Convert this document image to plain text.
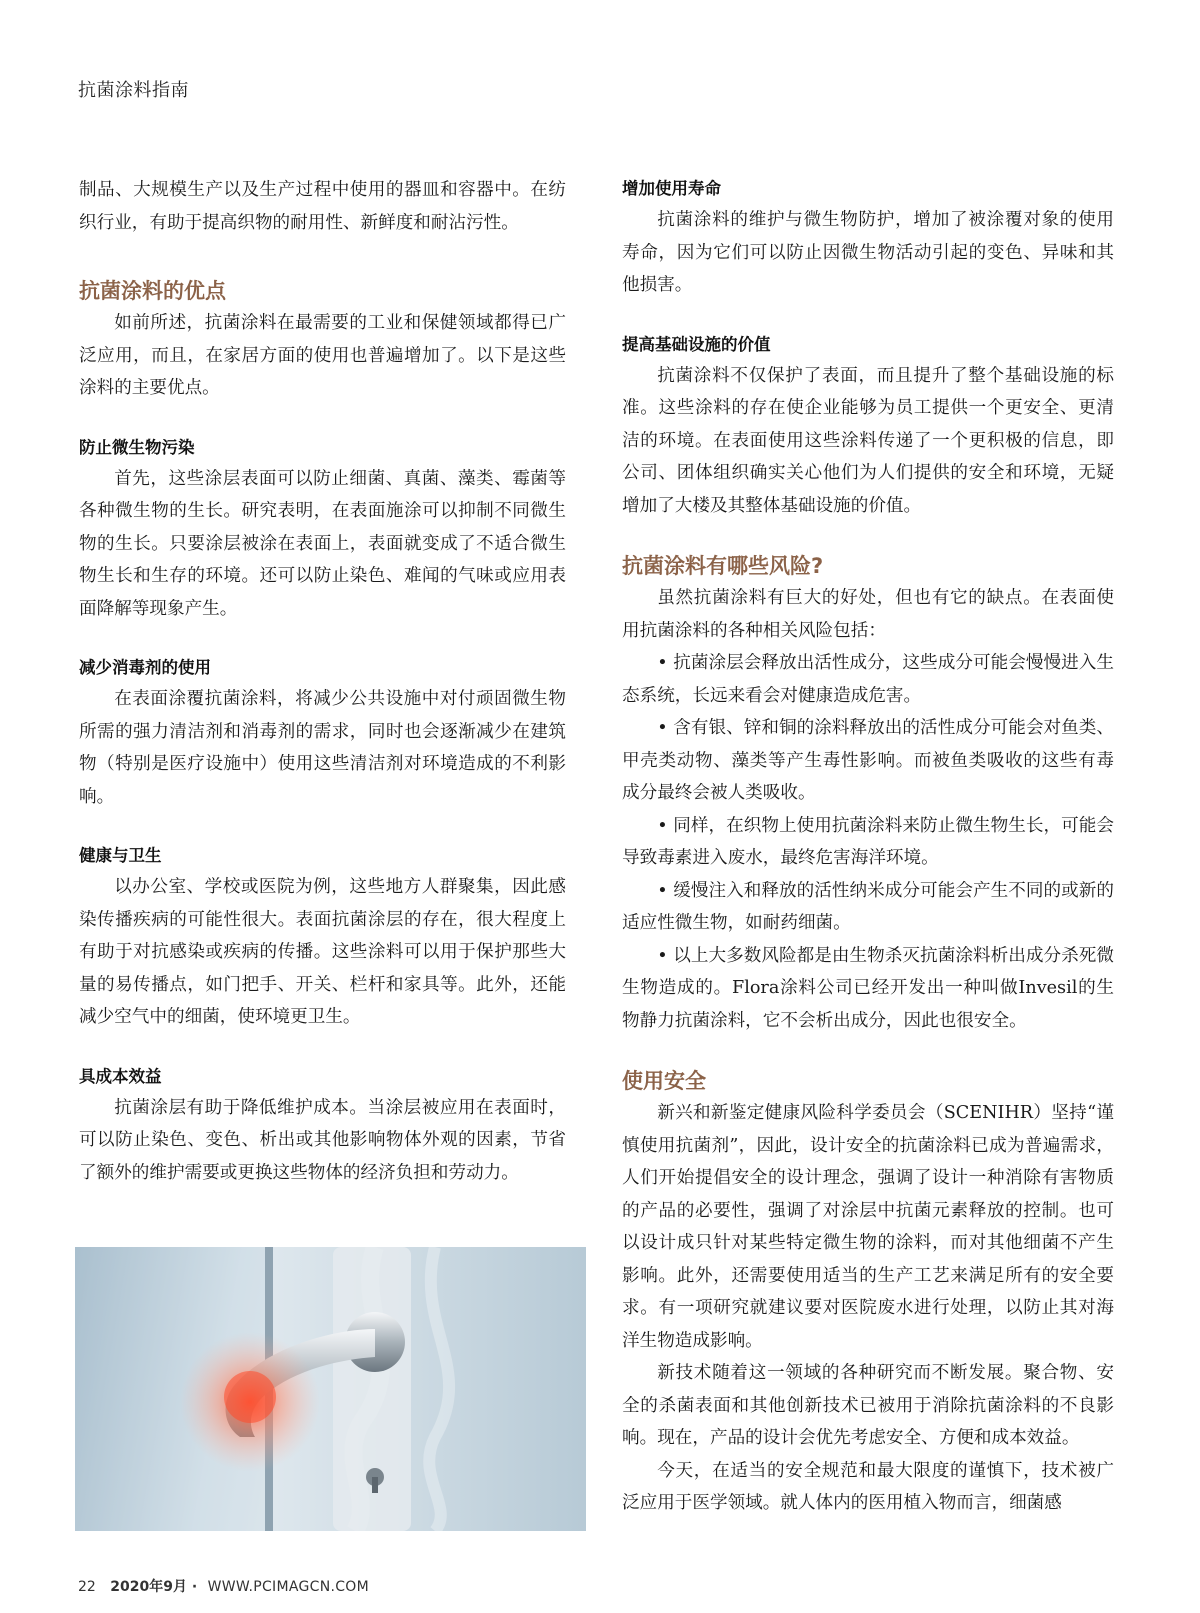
抗菌涂料指南

制品、大规模生产以及生产过程中使用的器皿和容器中。在纺织行业，有助于提高织物的耐用性、新鲜度和耐沾污性。

抗菌涂料的优点

如前所述，抗菌涂料在最需要的工业和保健领域都得已广泛应用，而且，在家居方面的使用也普遍增加了。以下是这些涂料的主要优点。

防止微生物污染

首先，这些涂层表面可以防止细菌、真菌、藻类、霉菌等各种微生物的生长。研究表明，在表面施涂可以抑制不同微生物的生长。只要涂层被涂在表面上，表面就变成了不适合微生物生长和生存的环境。还可以防止染色、难闻的气味或应用表面降解等现象产生。

减少消毒剂的使用

在表面涂覆抗菌涂料，将减少公共设施中对付顽固微生物所需的强力清洁剂和消毒剂的需求，同时也会逐渐减少在建筑物（特别是医疗设施中）使用这些清洁剂对环境造成的不利影响。

健康与卫生

以办公室、学校或医院为例，这些地方人群聚集，因此感染传播疾病的可能性很大。表面抗菌涂层的存在，很大程度上有助于对抗感染或疾病的传播。这些涂料可以用于保护那些大量的易传播点，如门把手、开关、栏杆和家具等。此外，还能减少空气中的细菌，使环境更卫生。

具成本效益

抗菌涂层有助于降低维护成本。当涂层被应用在表面时，可以防止染色、变色、析出或其他影响物体外观的因素，节省了额外的维护需要或更换这些物体的经济负担和劳动力。

增加使用寿命

抗菌涂料的维护与微生物防护，增加了被涂覆对象的使用寿命，因为它们可以防止因微生物活动引起的变色、异味和其他损害。

提高基础设施的价值

抗菌涂料不仅保护了表面，而且提升了整个基础设施的标准。这些涂料的存在使企业能够为员工提供一个更安全、更清洁的环境。在表面使用这些涂料传递了一个更积极的信息，即公司、团体组织确实关心他们为人们提供的安全和环境，无疑增加了大楼及其整体基础设施的价值。

抗菌涂料有哪些风险?

虽然抗菌涂料有巨大的好处，但也有它的缺点。在表面使用抗菌涂料的各种相关风险包括：

• 抗菌涂层会释放出活性成分，这些成分可能会慢慢进入生态系统，长远来看会对健康造成危害。

• 含有银、锌和铜的涂料释放出的活性成分可能会对鱼类、甲壳类动物、藻类等产生毒性影响。而被鱼类吸收的这些有毒成分最终会被人类吸收。

• 同样，在织物上使用抗菌涂料来防止微生物生长，可能会导致毒素进入废水，最终危害海洋环境。

• 缓慢注入和释放的活性纳米成分可能会产生不同的或新的适应性微生物，如耐药细菌。

• 以上大多数风险都是由生物杀灭抗菌涂料析出成分杀死微生物造成的。Flora涂料公司已经开发出一种叫做Invesil的生物静力抗菌涂料，它不会析出成分，因此也很安全。

使用安全

新兴和新鉴定健康风险科学委员会（SCENIHR）坚持“谨慎使用抗菌剂”，因此，设计安全的抗菌涂料已成为普遍需求，人们开始提倡安全的设计理念，强调了设计一种消除有害物质的产品的必要性，强调了对涂层中抗菌元素释放的控制。也可以设计成只针对某些特定微生物的涂料，而对其他细菌不产生影响。此外，还需要使用适当的生产工艺来满足所有的安全要求。有一项研究就建议要对医院废水进行处理，以防止其对海洋生物造成影响。

新技术随着这一领域的各种研究而不断发展。聚合物、安全的杀菌表面和其他创新技术已被用于消除抗菌涂料的不良影响。现在，产品的设计会优先考虑安全、方便和成本效益。

今天，在适当的安全规范和最大限度的谨慎下，技术被广泛应用于医学领域。就人体内的医用植入物而言，细菌感

22 2020年9月 · WWW.PCIMAGCN.COM
